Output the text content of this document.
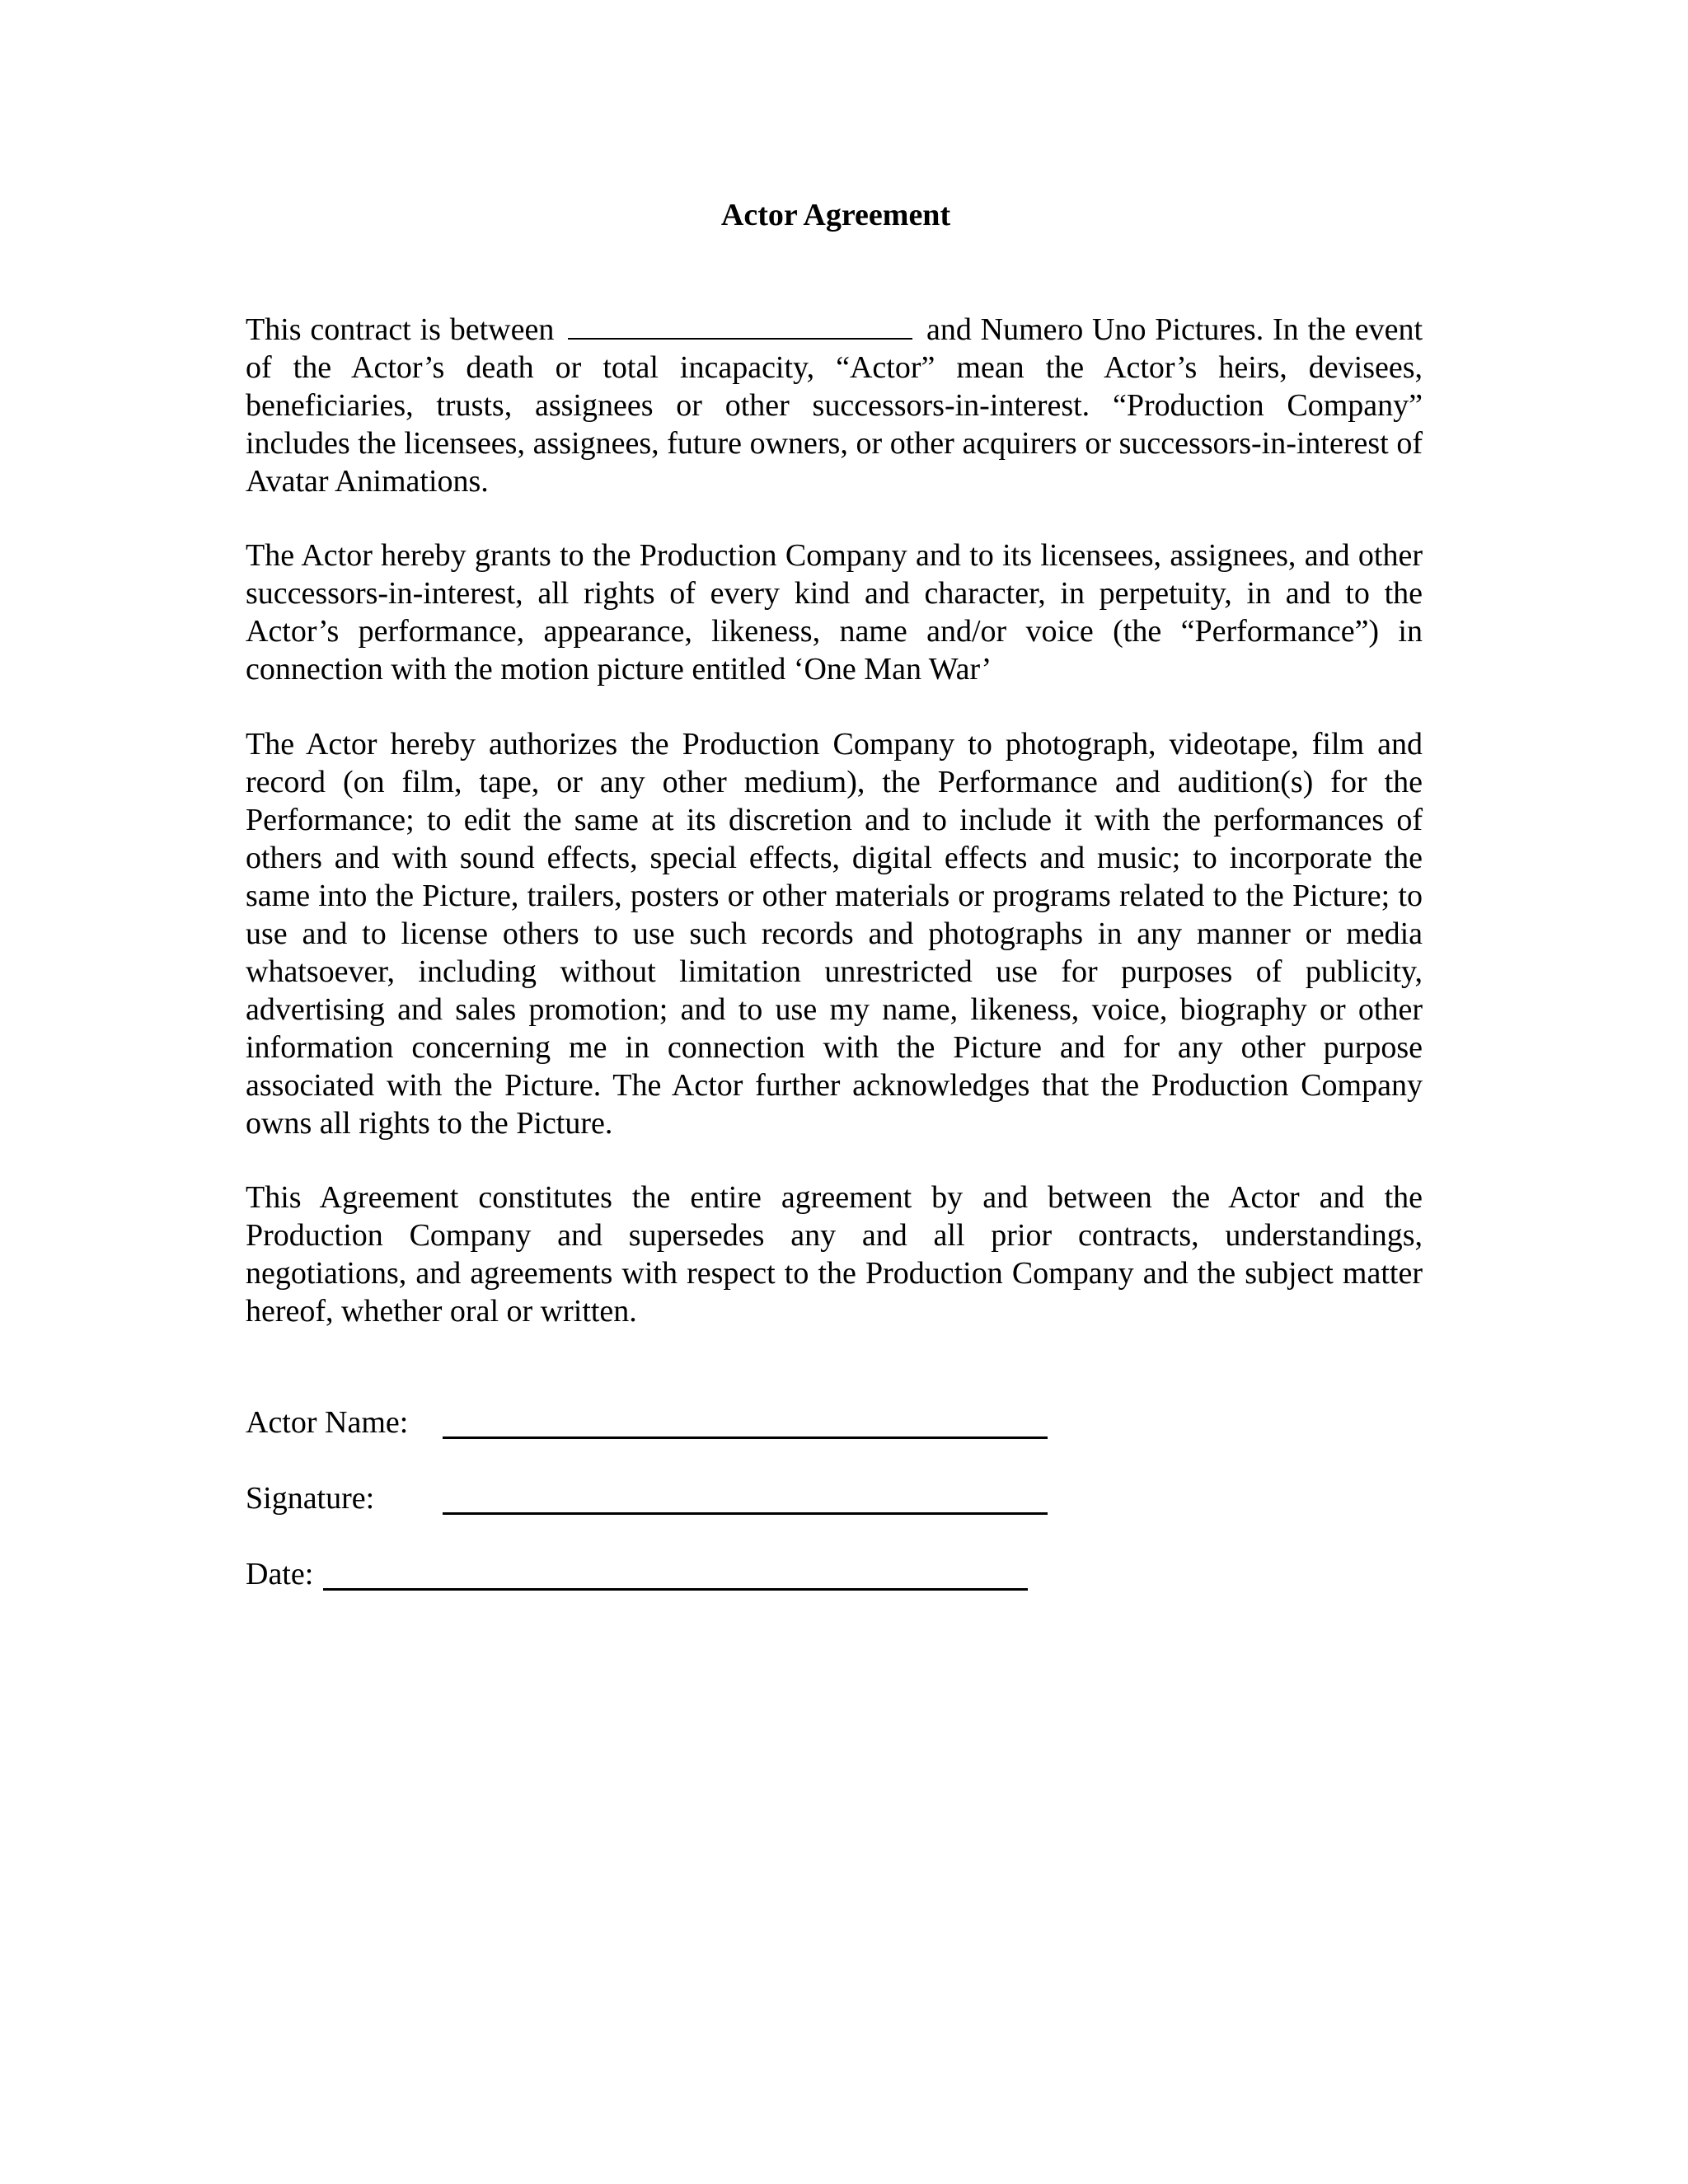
Actor Agreement
This contract is between	and Numero Uno Pictures. In the event of the Actor’s death or total incapacity, “Actor” mean the Actor’s heirs, devisees, beneficiaries, trusts, assignees or other successors-in-interest. “Production Company” includes the licensees, assignees, future owners, or other acquirers or successors-in-interest of Avatar Animations.
The Actor hereby grants to the Production Company and to its licensees, assignees, and other successors-in-interest, all rights of every kind and character, in perpetuity, in and to the Actor’s performance, appearance, likeness, name and/or voice (the “Performance”) in connection with the motion picture entitled ‘One Man War’
The Actor hereby authorizes the Production Company to photograph, videotape, film and record (on film, tape, or any other medium), the Performance and audition(s) for the Performance; to edit the same at its discretion and to include it with the performances of others and with sound effects, special effects, digital effects and music; to incorporate the same into the Picture, trailers, posters or other materials or programs related to the Picture; to use and to license others to use such records and photographs in any manner or media whatsoever, including without limitation unrestricted use for purposes of publicity, advertising and sales promotion; and to use my name, likeness, voice, biography or other information concerning me in connection with the Picture and for any other purpose associated with the Picture. The Actor further acknowledges that the Production Company owns all rights to the Picture.
This Agreement constitutes the entire agreement by and between the Actor and the Production Company and supersedes any and all prior contracts, understandings, negotiations, and agreements with respect to the Production Company and the subject matter hereof, whether oral or written.
Actor Name:
Signature:
Date:
